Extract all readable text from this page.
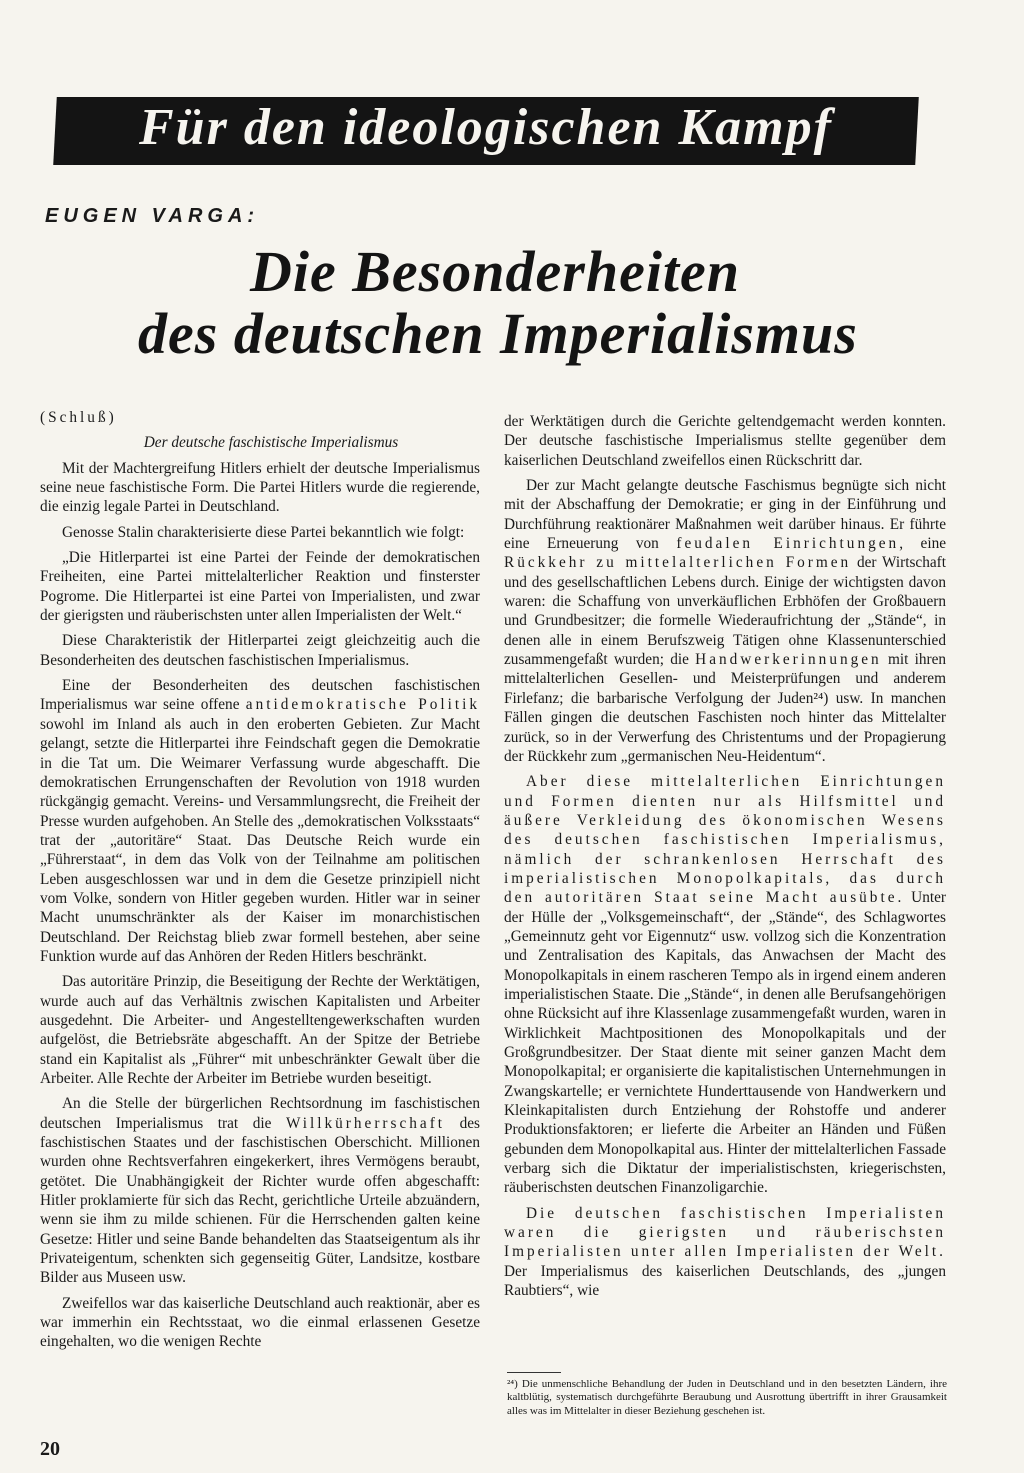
Für den ideologischen Kampf
EUGEN VARGA:
Die Besonderheiten
des deutschen Imperialismus

(Schluß)

Der deutsche faschistische Imperialismus

Mit der Machtergreifung Hitlers erhielt der deutsche Imperialismus seine neue faschistische Form. Die Partei Hitlers wurde die regierende, die einzig legale Partei in Deutschland.

Genosse Stalin charakterisierte diese Partei bekanntlich wie folgt:

„Die Hitlerpartei ist eine Partei der Feinde der demokratischen Freiheiten, eine Partei mittelalterlicher Reaktion und finsterster Pogrome. Die Hitlerpartei ist eine Partei von Imperialisten, und zwar der gierigsten und räuberischsten unter allen Imperialisten der Welt.“

Diese Charakteristik der Hitlerpartei zeigt gleichzeitig auch die Besonderheiten des deutschen faschistischen Imperialismus.

Eine der Besonderheiten des deutschen faschistischen Imperialismus war seine offene antidemokratische Politik sowohl im Inland als auch in den eroberten Gebieten. Zur Macht gelangt, setzte die Hitlerpartei ihre Feindschaft gegen die Demokratie in die Tat um. Die Weimarer Verfassung wurde abgeschafft. Die demokratischen Errungenschaften der Revolution von 1918 wurden rückgängig gemacht. Vereins- und Versammlungsrecht, die Freiheit der Presse wurden aufgehoben. An Stelle des „demokratischen Volksstaats“ trat der „autoritäre“ Staat. Das Deutsche Reich wurde ein „Führerstaat“, in dem das Volk von der Teilnahme am politischen Leben ausgeschlossen war und in dem die Gesetze prinzipiell nicht vom Volke, sondern von Hitler gegeben wurden. Hitler war in seiner Macht unumschränkter als der Kaiser im monarchistischen Deutschland. Der Reichstag blieb zwar formell bestehen, aber seine Funktion wurde auf das Anhören der Reden Hitlers beschränkt.

Das autoritäre Prinzip, die Beseitigung der Rechte der Werktätigen, wurde auch auf das Verhältnis zwischen Kapitalisten und Arbeiter ausgedehnt. Die Arbeiter- und Angestelltengewerkschaften wurden aufgelöst, die Betriebsräte abgeschafft. An der Spitze der Betriebe stand ein Kapitalist als „Führer“ mit unbeschränkter Gewalt über die Arbeiter. Alle Rechte der Arbeiter im Betriebe wurden beseitigt.

An die Stelle der bürgerlichen Rechtsordnung im faschistischen deutschen Imperialismus trat die Willkürherrschaft des faschistischen Staates und der faschistischen Oberschicht. Millionen wurden ohne Rechtsverfahren eingekerkert, ihres Vermögens beraubt, getötet. Die Unabhängigkeit der Richter wurde offen abgeschafft: Hitler proklamierte für sich das Recht, gerichtliche Urteile abzuändern, wenn sie ihm zu milde schienen. Für die Herrschenden galten keine Gesetze: Hitler und seine Bande behandelten das Staatseigentum als ihr Privateigentum, schenkten sich gegenseitig Güter, Landsitze, kostbare Bilder aus Museen usw.

Zweifellos war das kaiserliche Deutschland auch reaktionär, aber es war immerhin ein Rechtsstaat, wo die einmal erlassenen Gesetze eingehalten, wo die wenigen Rechte

der Werktätigen durch die Gerichte geltendgemacht werden konnten. Der deutsche faschistische Imperialismus stellte gegenüber dem kaiserlichen Deutschland zweifellos einen Rückschritt dar.

Der zur Macht gelangte deutsche Faschismus begnügte sich nicht mit der Abschaffung der Demokratie; er ging in der Einführung und Durchführung reaktionärer Maßnahmen weit darüber hinaus. Er führte eine Erneuerung von feudalen Einrichtungen, eine Rückkehr zu mittelalterlichen Formen der Wirtschaft und des gesellschaftlichen Lebens durch. Einige der wichtigsten davon waren: die Schaffung von unverkäuflichen Erbhöfen der Großbauern und Grundbesitzer; die formelle Wiederaufrichtung der „Stände“, in denen alle in einem Berufszweig Tätigen ohne Klassenunterschied zusammengefaßt wurden; die Handwerkerinnungen mit ihren mittelalterlichen Gesellen- und Meisterprüfungen und anderem Firlefanz; die barbarische Verfolgung der Juden²⁴) usw. In manchen Fällen gingen die deutschen Faschisten noch hinter das Mittelalter zurück, so in der Verwerfung des Christentums und der Propagierung der Rückkehr zum „germanischen Neu-Heidentum“.

Aber diese mittelalterlichen Einrichtungen und Formen dienten nur als Hilfsmittel und äußere Verkleidung des ökonomischen Wesens des deutschen faschistischen Imperialismus, nämlich der schrankenlosen Herrschaft des imperialistischen Monopolkapitals, das durch den autoritären Staat seine Macht ausübte. Unter der Hülle der „Volksgemeinschaft“, der „Stände“, des Schlagwortes „Gemeinnutz geht vor Eigennutz“ usw. vollzog sich die Konzentration und Zentralisation des Kapitals, das Anwachsen der Macht des Monopolkapitals in einem rascheren Tempo als in irgend einem anderen imperialistischen Staate. Die „Stände“, in denen alle Berufsangehörigen ohne Rücksicht auf ihre Klassenlage zusammengefaßt wurden, waren in Wirklichkeit Machtpositionen des Monopolkapitals und der Großgrundbesitzer. Der Staat diente mit seiner ganzen Macht dem Monopolkapital; er organisierte die kapitalistischen Unternehmungen in Zwangskartelle; er vernichtete Hunderttausende von Handwerkern und Kleinkapitalisten durch Entziehung der Rohstoffe und anderer Produktionsfaktoren; er lieferte die Arbeiter an Händen und Füßen gebunden dem Monopolkapital aus. Hinter der mittelalterlichen Fassade verbarg sich die Diktatur der imperialistischsten, kriegerischsten, räuberischsten deutschen Finanzoligarchie.

Die deutschen faschistischen Imperialisten waren die gierigsten und räuberischsten Imperialisten unter allen Imperialisten der Welt. Der Imperialismus des kaiserlichen Deutschlands, des „jungen Raubtiers“, wie

²⁴) Die unmenschliche Behandlung der Juden in Deutschland und in den besetzten Ländern, ihre kaltblütig, systematisch durchgeführte Beraubung und Ausrottung übertrifft in ihrer Grausamkeit alles was im Mittelalter in dieser Beziehung geschehen ist.
20
